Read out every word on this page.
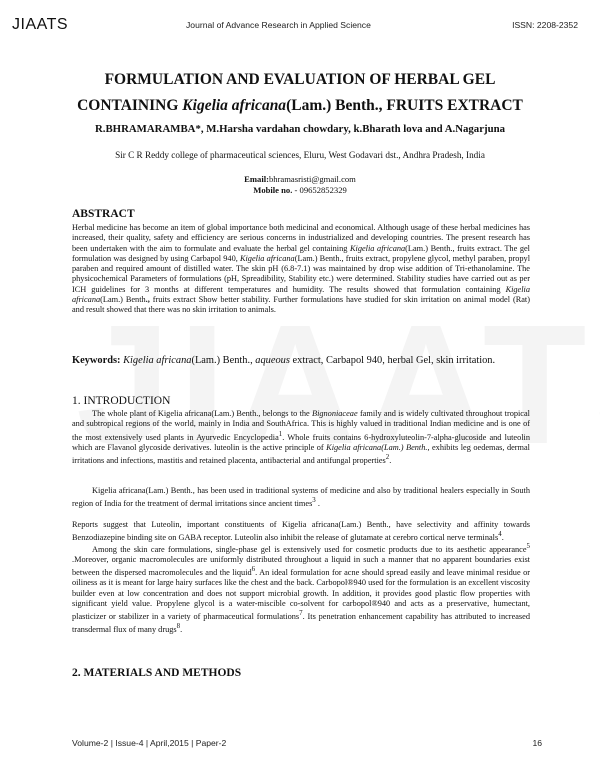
JIAATS	Journal of Advance Research in Applied Science	ISSN: 2208-2352
FORMULATION AND EVALUATION OF HERBAL GEL
CONTAINING Kigelia africana(Lam.) Benth., FRUITS EXTRACT
R.BHRAMARAMBA*, M.Harsha vardahan chowdary, k.Bharath lova and A.Nagarjuna
Sir C R Reddy college of pharmaceutical sciences, Eluru, West Godavari dst., Andhra Pradesh, India
Email:bhramasristi@gmail.com
Mobile no. - 09652852329
ABSTRACT
Herbal medicine has become an item of global importance both medicinal and economical. Although usage of these herbal medicines has increased, their quality, safety and efficiency are serious concerns in industrialized and developing countries. The present research has been undertaken with the aim to formulate and evaluate the herbal gel containing Kigelia africana(Lam.) Benth., fruits extract. The gel formulation was designed by using Carbapol 940, Kigelia africana(Lam.) Benth., fruits extract, propylene glycol, methyl paraben, propyl paraben and required amount of distilled water. The skin pH (6.8-7.1) was maintained by drop wise addition of Tri-ethanolamine. The physicochemical Parameters of formulations (pH, Spreadibility, Stability etc.) were determined. Stability studies have carried out as per ICH guidelines for 3 months at different temperatures and humidity. The results showed that formulation containing Kigelia africana(Lam.) Benth., fruits extract Show better stability. Further formulations have studied for skin irritation on animal model (Rat) and result showed that there was no skin irritation to animals.
Keywords: Kigelia africana(Lam.) Benth., aqueous extract, Carbapol 940, herbal Gel, skin irritation.
1. INTRODUCTION
The whole plant of Kigelia africana(Lam.) Benth., belongs to the Bignoniaceae family and is widely cultivated throughout tropical and subtropical regions of the world, mainly in India and SouthAfrica. This is highly valued in traditional Indian medicine and is one of the most extensively used plants in Ayurvedic Encyclopedia$^1$. Whole fruits contains 6-hydroxyluteolin-7-alpha-glucoside and luteolin which are Flavanol glycoside derivatives. luteolin is the active principle of Kigelia africana(Lam.) Benth., exhibits leg oedemas, dermal irritations and infections, mastitis and retained placenta, antibacterial and antifungal properties$^2$.
Kigelia africana(Lam.) Benth., has been used in traditional systems of medicine and also by traditional healers especially in South region of India for the treatment of dermal irritations since ancient times$^3$ .
Reports suggest that Luteolin, important constituents of Kigelia africana(Lam.) Benth., have selectivity and affinity towards Benzodiazepine binding site on GABA receptor. Luteolin also inhibit the release of glutamate at cerebro cortical nerve terminals$^4$.
Among the skin care formulations, single-phase gel is extensively used for cosmetic products due to its aesthetic appearance$^5$ .Moreover, organic macromolecules are uniformly distributed throughout a liquid in such a manner that no apparent boundaries exist between the dispersed macromolecules and the liquid$^6$. An ideal formulation for acne should spread easily and leave minimal residue or oiliness as it is meant for large hairy surfaces like the chest and the back. Carbopol®940 used for the formulation is an excellent viscosity builder even at low concentration and does not support microbial growth. In addition, it provides good plastic flow properties with significant yield value. Propylene glycol is a water-miscible co-solvent for carbopol®940 and acts as a preservative, humectant, plasticizer or stabilizer in a variety of pharmaceutical formulations$^7$. Its penetration enhancement capability has attributed to increased transdermal flux of many drugs$^8$.
2. MATERIALS AND METHODS
Volume-2 | Issue-4 | April,2015 | Paper-2	16
